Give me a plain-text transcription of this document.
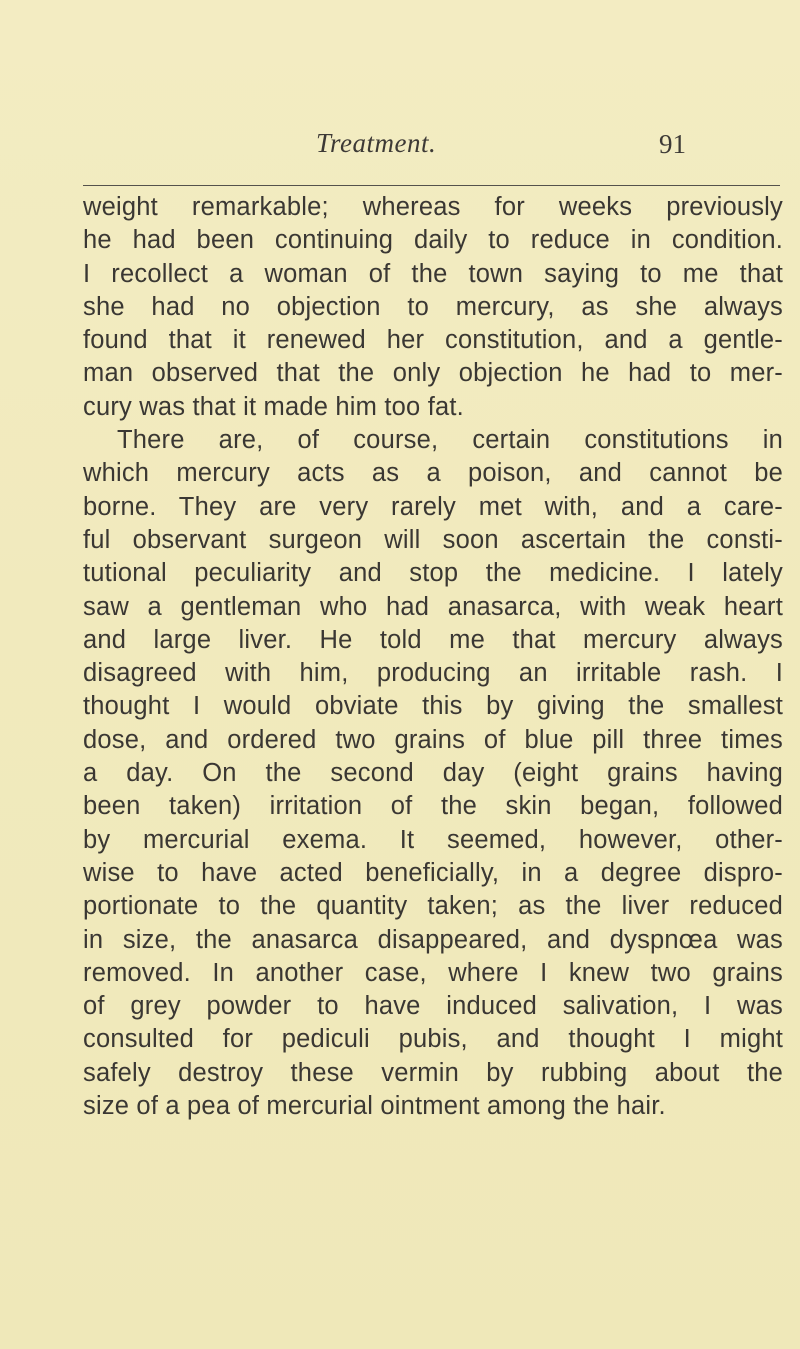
Treatment.	91
weight remarkable; whereas for weeks previously
he had been continuing daily to reduce in condition.
I recollect a woman of the town saying to me that
she had no objection to mercury, as she always
found that it renewed her constitution, and a gentle-
man observed that the only objection he had to mer-
cury was that it made him too fat.
There are, of course, certain constitutions in
which mercury acts as a poison, and cannot be
borne. They are very rarely met with, and a care-
ful observant surgeon will soon ascertain the consti-
tutional peculiarity and stop the medicine. I lately
saw a gentleman who had anasarca, with weak heart
and large liver. He told me that mercury always
disagreed with him, producing an irritable rash. I
thought I would obviate this by giving the smallest
dose, and ordered two grains of blue pill three times
a day. On the second day (eight grains having
been taken) irritation of the skin began, followed
by mercurial exema. It seemed, however, other-
wise to have acted beneficially, in a degree dispro-
portionate to the quantity taken; as the liver reduced
in size, the anasarca disappeared, and dyspnœa was
removed. In another case, where I knew two grains
of grey powder to have induced salivation, I was
consulted for pediculi pubis, and thought I might
safely destroy these vermin by rubbing about the
size of a pea of mercurial ointment among the hair.
